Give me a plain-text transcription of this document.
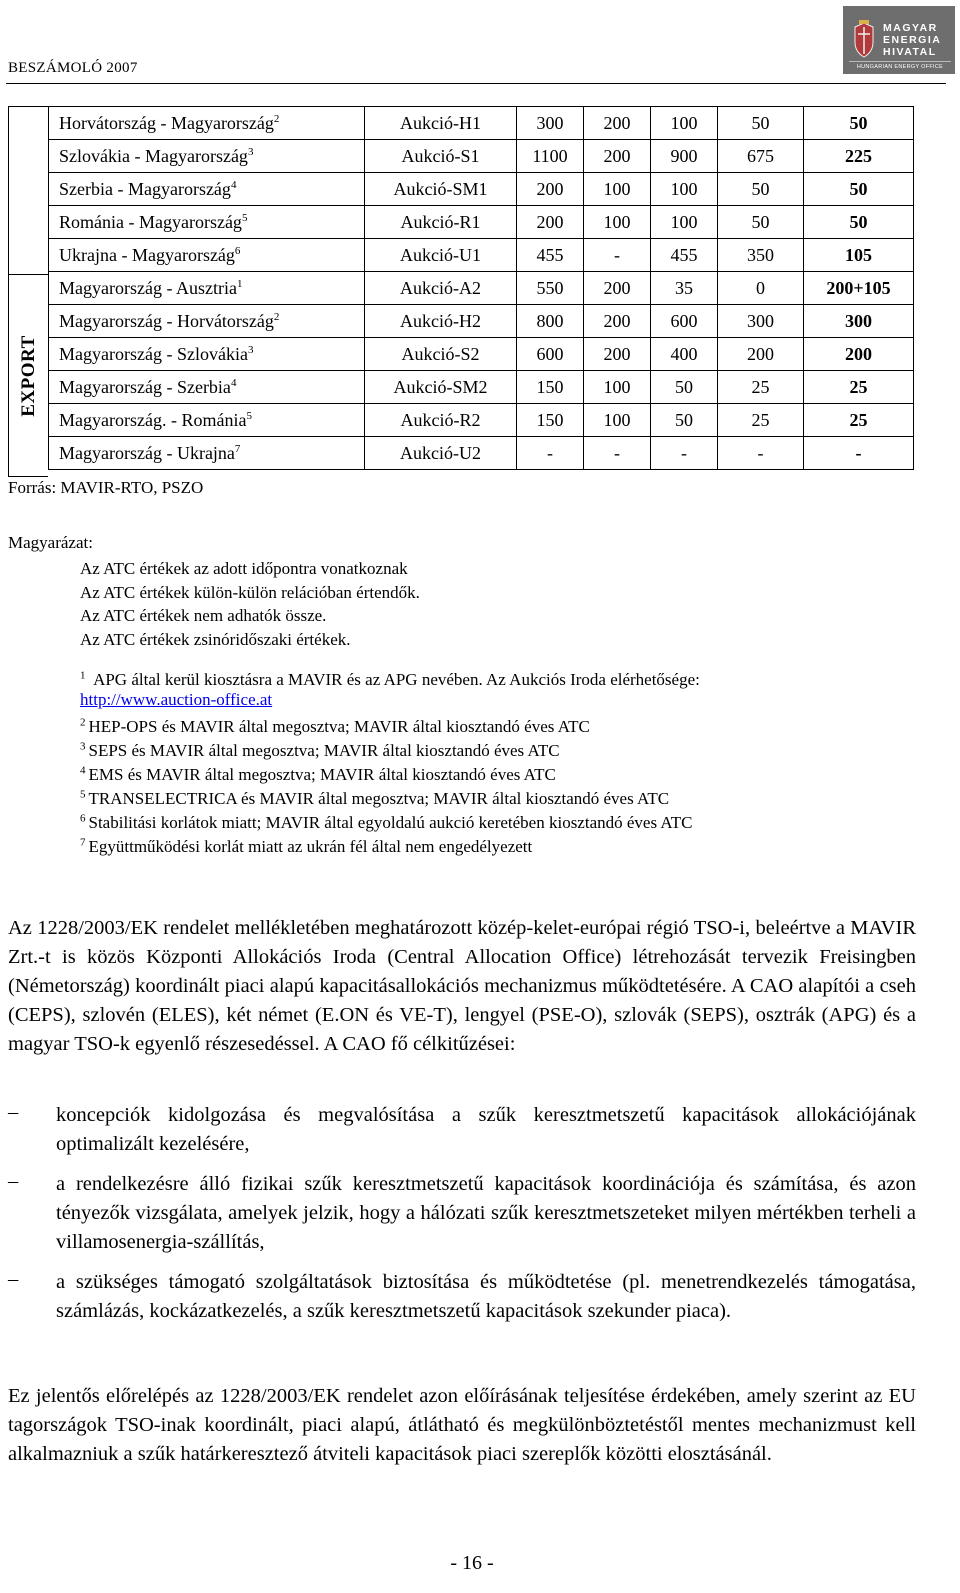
BESZÁMOLÓ 2007
MAGYAR
ENERGIA
HIVATAL
HUNGARIAN ENERGY OFFICE
EXPORT
Horvátország - Magyarország$^2$	Aukció-H1	300	200	100	50	50
Szlovákia - Magyarország$^3$	Aukció-S1	1100	200	900	675	225
Szerbia - Magyarország$^4$	Aukció-SM1	200	100	100	50	50
Románia - Magyarország$^5$	Aukció-R1	200	100	100	50	50
Ukrajna - Magyarország$^6$	Aukció-U1	455	-	455	350	105
Magyarország - Ausztria$^1$	Aukció-A2	550	200	35	0	200+105
Magyarország - Horvátország$^2$	Aukció-H2	800	200	600	300	300
Magyarország - Szlovákia$^3$	Aukció-S2	600	200	400	200	200
Magyarország - Szerbia$^4$	Aukció-SM2	150	100	50	25	25
Magyarország. - Románia$^5$	Aukció-R2	150	100	50	25	25
Magyarország - Ukrajna$^7$	Aukció-U2	-	-	-	-	-
Forrás: MAVIR-RTO, PSZO
Magyarázat:
Az ATC értékek az adott időpontra vonatkoznak
Az ATC értékek külön-külön relációban értendők.
Az ATC értékek nem adhatók össze.
Az ATC értékek zsinóridőszaki értékek.
$^1$ APG által kerül kiosztásra a MAVIR és az APG nevében. Az Aukciós Iroda elérhetősége:
http://www.auction-office.at
$^2$ HEP-OPS és MAVIR által megosztva; MAVIR által kiosztandó éves ATC
$^3$ SEPS és MAVIR által megosztva; MAVIR által kiosztandó éves ATC
$^4$ EMS és MAVIR által megosztva; MAVIR által kiosztandó éves ATC
$^5$ TRANSELECTRICA és MAVIR által megosztva; MAVIR által kiosztandó éves ATC
$^6$ Stabilitási korlátok miatt; MAVIR által egyoldalú aukció keretében kiosztandó éves ATC
$^7$ Együttműködési korlát miatt az ukrán fél által nem engedélyezett
Az 1228/2003/EK rendelet mellékletében meghatározott közép-kelet-európai régió TSO-i, beleértve a MAVIR Zrt.-t is közös Központi Allokációs Iroda (Central Allocation Office) létrehozását tervezik Freisingben (Németország) koordinált piaci alapú kapacitásallokációs mechanizmus működtetésére. A CAO alapítói a cseh (CEPS), szlovén (ELES), két német (E.ON és VE-T), lengyel (PSE-O), szlovák (SEPS), osztrák (APG) és a magyar TSO-k egyenlő részesedéssel. A CAO fő célkitűzései:
– koncepciók kidolgozása és megvalósítása a szűk keresztmetszetű kapacitások allokációjának optimalizált kezelésére,
– a rendelkezésre álló fizikai szűk keresztmetszetű kapacitások koordinációja és számítása, és azon tényezők vizsgálata, amelyek jelzik, hogy a hálózati szűk keresztmetszeteket milyen mértékben terheli a villamosenergia-szállítás,
– a szükséges támogató szolgáltatások biztosítása és működtetése (pl. menetrendkezelés támogatása, számlázás, kockázatkezelés, a szűk keresztmetszetű kapacitások szekunder piaca).
Ez jelentős előrelépés az 1228/2003/EK rendelet azon előírásának teljesítése érdekében, amely szerint az EU tagországok TSO-inak koordinált, piaci alapú, átlátható és megkülönböztetéstől mentes mechanizmust kell alkalmazniuk a szűk határkeresztező átviteli kapacitások piaci szereplők közötti elosztásánál.
- 16 -
